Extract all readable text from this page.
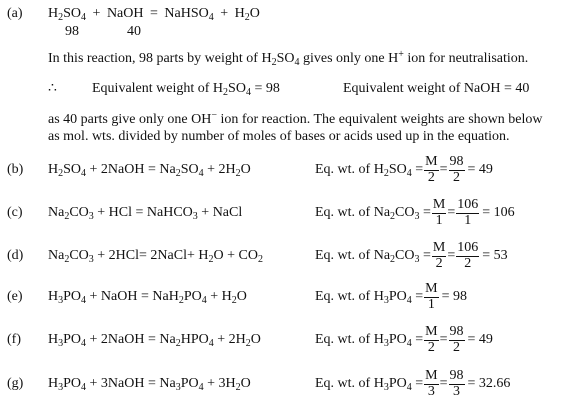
(a) $H_2SO_4$ + NaOH = NaHSO$_4$ + $H_2O$
98	40
In this reaction, 98 parts by weight of $H_2SO_4$ gives only one H+ ion for neutralisation.
∴	Equivalent weight of $H_2SO_4 = 98$	Equivalent weight of NaOH = 40
as 40 parts give only one OH− ion for reaction. The equivalent weights are shown below
as mol. wts. divided by number of moles of bases or acids used up in the equation.
(b) $H_2SO_4$ + 2NaOH = $Na_2SO_4 + 2H_2O$	Eq. wt. of $H_2SO_4 = \frac{M}{2} = \frac{98}{2} = 49$
(c) $Na_2CO_3$ + HCl = NaHCO$_3$ + NaCl	Eq. wt. of $Na_2CO_3 = \frac{M}{1} = \frac{106}{1} = 106$
(d) $Na_2CO_3 + 2HCl=$ 2NaCl+ $H_2O + CO_2$	Eq. wt. of $Na_2CO_3 = \frac{M}{2} = \frac{106}{2} = 53$
(e) $H_3PO_4$ + NaOH = $NaH_2PO_4 + H_2O$	Eq. wt. of $H_3PO_4 = \frac{M}{1} = 98$
(f) $H_3PO_4$ + 2NaOH = $Na_2HPO_4 + 2H_2O$	Eq. wt. of $H_3PO_4 = \frac{M}{2} = \frac{98}{2} = 49$
(g) $H_3PO_4$ + 3NaOH = $Na_3PO_4 + 3H_2O$	Eq. wt. of $H_3PO_4 = \frac{M}{3} = \frac{98}{3} = 32.66$
